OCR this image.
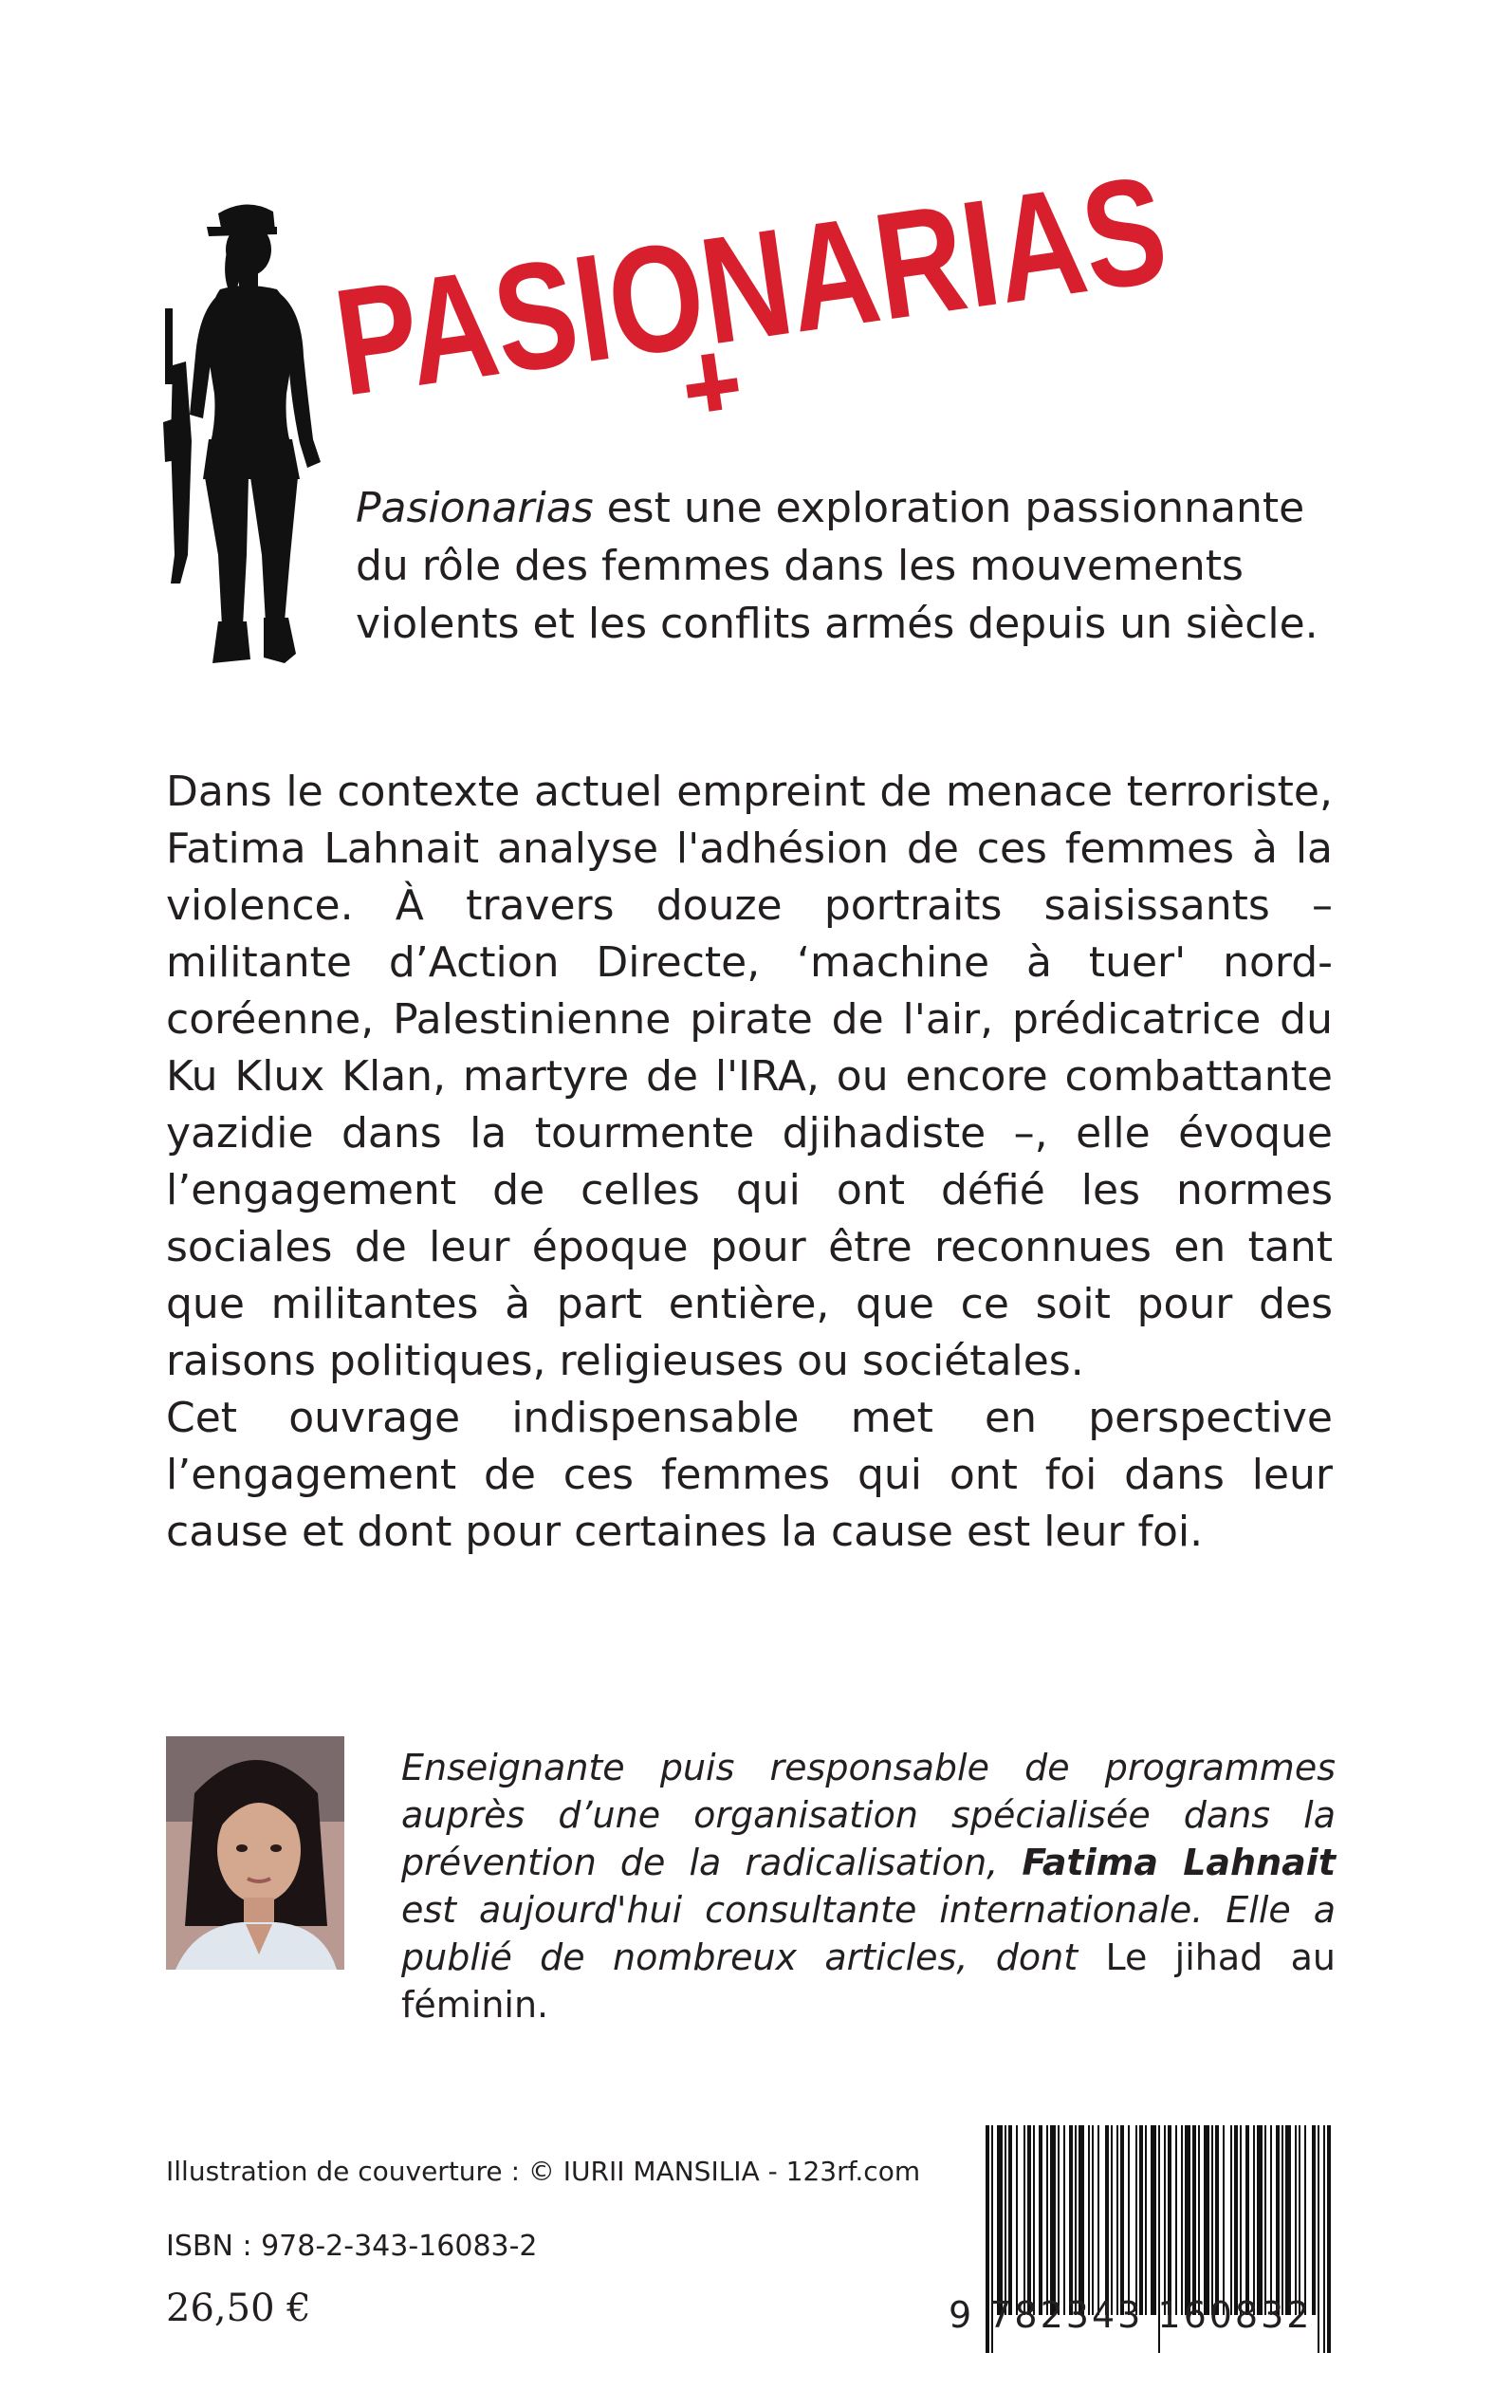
PASIONARIAS

Pasionarias est une exploration passionnante du rôle des femmes dans les mouvements violents et les conflits armés depuis un siècle.

Dans le contexte actuel empreint de menace terroriste, Fatima Lahnait analyse l'adhésion de ces femmes à la violence. À travers douze portraits saisissants – militante d’Action Directe, ‘machine à tuer' nord-coréenne, Palestinienne pirate de l'air, prédicatrice du Ku Klux Klan, martyre de l'IRA, ou encore combattante yazidie dans la tourmente djihadiste –, elle évoque l’engagement de celles qui ont défié les normes sociales de leur époque pour être reconnues en tant que militantes à part entière, que ce soit pour des raisons politiques, religieuses ou sociétales.

Cet ouvrage indispensable met en perspective l’engagement de ces femmes qui ont foi dans leur cause et dont pour certaines la cause est leur foi.

Enseignante puis responsable de programmes auprès d’une organisation spécialisée dans la prévention de la radicalisation, Fatima Lahnait est aujourd'hui consultante internationale. Elle a publié de nombreux articles, dont Le jihad au féminin.

Illustration de couverture : © IURII MANSILIA - 123rf.com

ISBN : 978-2-343-16083-2

26,50 €	9 782343 160832
